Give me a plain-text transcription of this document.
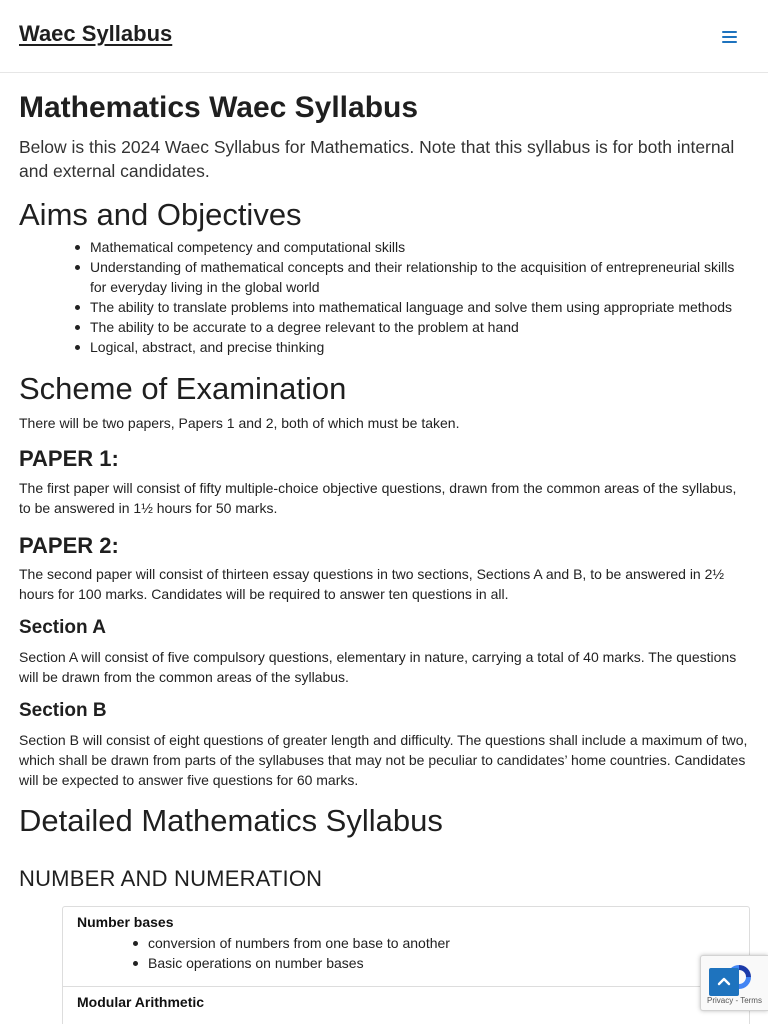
Waec Syllabus
Mathematics Waec Syllabus

Below is this 2024 Waec Syllabus for Mathematics. Note that this syllabus is for both internal and external candidates.

Aims and Objectives
Mathematical competency and computational skills
Understanding of mathematical concepts and their relationship to the acquisition of entrepreneurial skills for everyday living in the global world
The ability to translate problems into mathematical language and solve them using appropriate methods
The ability to be accurate to a degree relevant to the problem at hand
Logical, abstract, and precise thinking
Scheme of Examination

There will be two papers, Papers 1 and 2, both of which must be taken.

PAPER 1:

The first paper will consist of fifty multiple-choice objective questions, drawn from the common areas of the syllabus, to be answered in 1½ hours for 50 marks.

PAPER 2:

The second paper will consist of thirteen essay questions in two sections, Sections A and B, to be answered in 2½ hours for 100 marks. Candidates will be required to answer ten questions in all.

Section A

Section A will consist of five compulsory questions, elementary in nature, carrying a total of 40 marks. The questions will be drawn from the common areas of the syllabus.

Section B

Section B will consist of eight questions of greater length and difficulty. The questions shall include a maximum of two, which shall be drawn from parts of the syllabuses that may not be peculiar to candidates’ home countries. Candidates will be expected to answer five questions for 60 marks.

Detailed Mathematics Syllabus
NUMBER AND NUMERATION
Number bases
conversion of numbers from one base to another
Basic operations on number bases
Modular Arithmetic	Privacy - Terms
